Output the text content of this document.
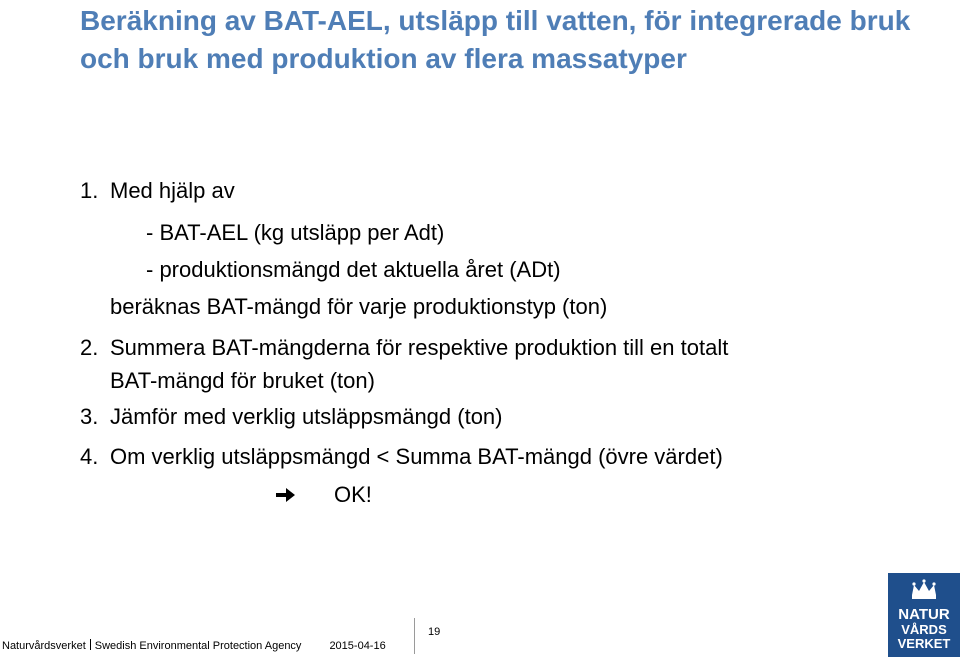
Beräkning av BAT-AEL, utsläpp till vatten, för integrerade bruk och bruk med produktion av flera massatyper
1. Med hjälp av
- BAT-AEL (kg utsläpp per Adt)
- produktionsmängd det aktuella året (ADt)
beräknas BAT-mängd för varje produktionstyp (ton)
2. Summera BAT-mängderna för respektive produktion till en totalt
BAT-mängd för bruket (ton)
3. Jämför med verklig utsläppsmängd (ton)
4. Om verklig utsläppsmängd < Summa BAT-mängd (övre värdet)
OK!
19
Naturvårdsverket Swedish Environmental Protection Agency	2015-04-16
NATUR
VÅRDS
VERKET
